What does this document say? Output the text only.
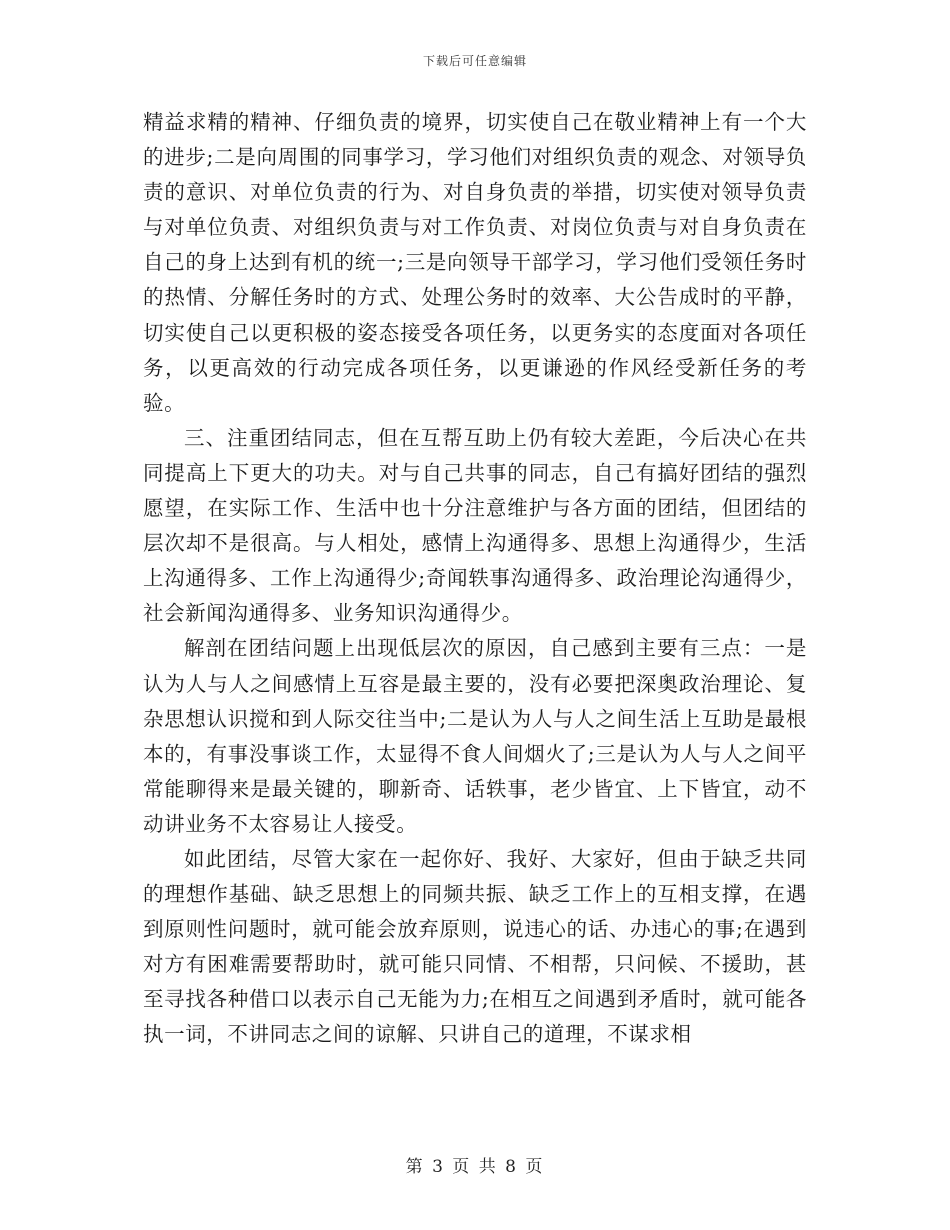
下载后可任意编辑

精益求精的精神、仔细负责的境界，切实使自己在敬业精神上有一个大的进步;二是向周围的同事学习，学习他们对组织负责的观念、对领导负责的意识、对单位负责的行为、对自身负责的举措，切实使对领导负责与对单位负责、对组织负责与对工作负责、对岗位负责与对自身负责在自己的身上达到有机的统一;三是向领导干部学习，学习他们受领任务时的热情、分解任务时的方式、处理公务时的效率、大公告成时的平静，切实使自己以更积极的姿态接受各项任务，以更务实的态度面对各项任务，以更高效的行动完成各项任务，以更谦逊的作风经受新任务的考验。

三、注重团结同志，但在互帮互助上仍有较大差距，今后决心在共同提高上下更大的功夫。对与自己共事的同志，自己有搞好团结的强烈愿望，在实际工作、生活中也十分注意维护与各方面的团结，但团结的层次却不是很高。与人相处，感情上沟通得多、思想上沟通得少，生活上沟通得多、工作上沟通得少;奇闻轶事沟通得多、政治理论沟通得少，社会新闻沟通得多、业务知识沟通得少。

解剖在团结问题上出现低层次的原因，自己感到主要有三点：一是认为人与人之间感情上互容是最主要的，没有必要把深奥政治理论、复杂思想认识搅和到人际交往当中;二是认为人与人之间生活上互助是最根本的，有事没事谈工作，太显得不食人间烟火了;三是认为人与人之间平常能聊得来是最关键的，聊新奇、话轶事，老少皆宜、上下皆宜，动不动讲业务不太容易让人接受。

如此团结，尽管大家在一起你好、我好、大家好，但由于缺乏共同的理想作基础、缺乏思想上的同频共振、缺乏工作上的互相支撑，在遇到原则性问题时，就可能会放弃原则，说违心的话、办违心的事;在遇到对方有困难需要帮助时，就可能只同情、不相帮，只问候、不援助，甚至寻找各种借口以表示自己无能为力;在相互之间遇到矛盾时，就可能各执一词，不讲同志之间的谅解、只讲自己的道理，不谋求相

第 3 页 共 8 页
